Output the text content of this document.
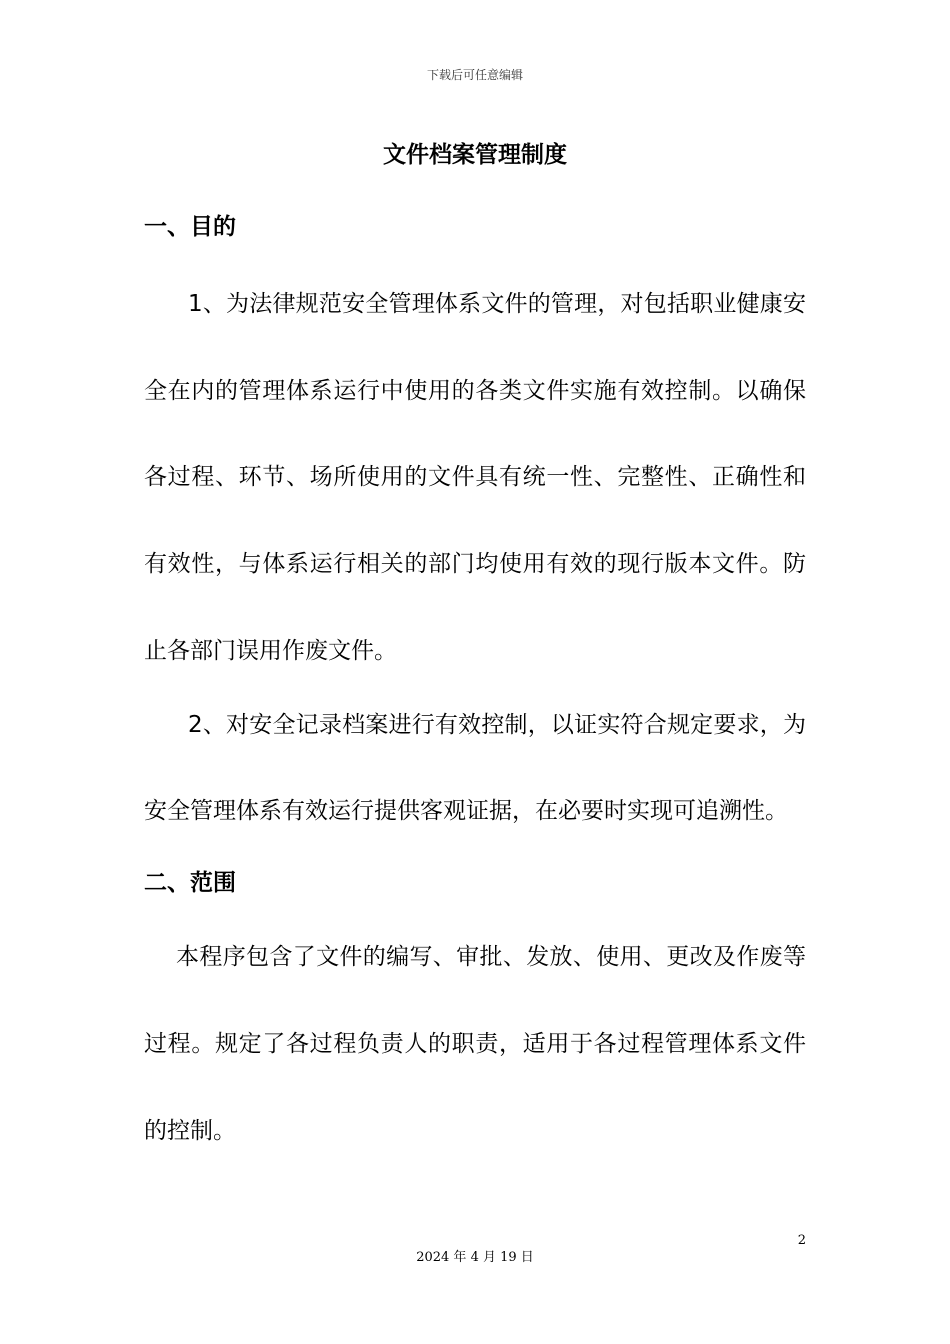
下载后可任意编辑
文件档案管理制度
一、目的

1、为法律规范安全管理体系文件的管理，对包括职业健康安

全在内的管理体系运行中使用的各类文件实施有效控制。以确保

各过程、环节、场所使用的文件具有统一性、完整性、正确性和

有效性，与体系运行相关的部门均使用有效的现行版本文件。防

止各部门误用作废文件。

2、对安全记录档案进行有效控制，以证实符合规定要求，为

安全管理体系有效运行提供客观证据，在必要时实现可追溯性。

二、范围

本程序包含了文件的编写、审批、发放、使用、更改及作废等

过程。规定了各过程负责人的职责，适用于各过程管理体系文件

的控制。

2
2024 年 4 月 19 日
